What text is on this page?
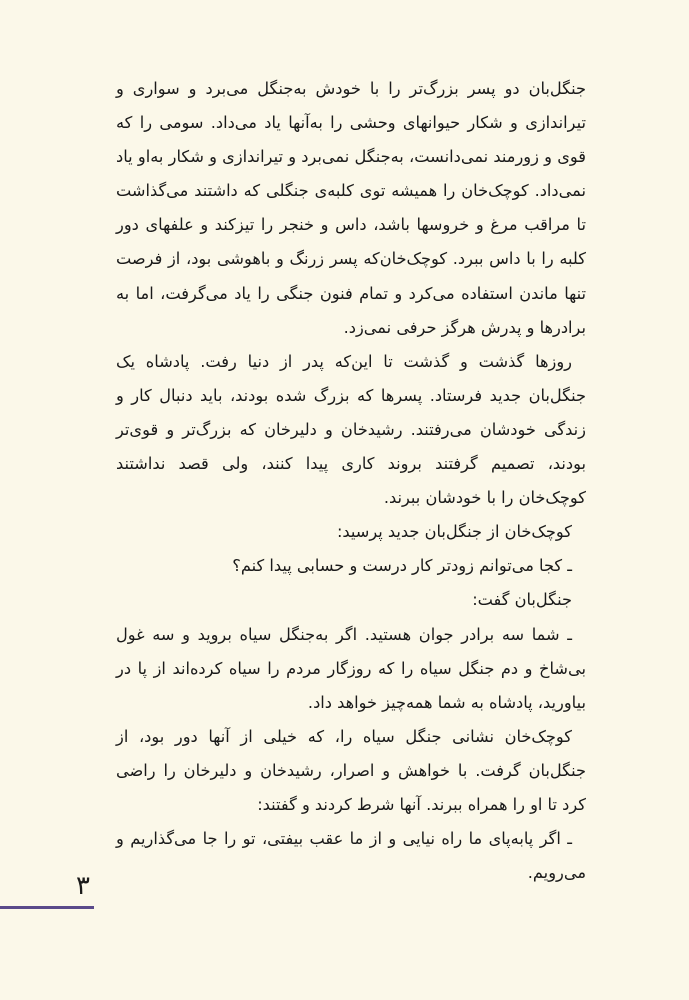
جنگل‌بان دو پسر بزرگ‌تر را با خودش به‌جنگل می‌برد و سواری و تیراندازی و شکار حیوانهای وحشی را به‌آنها یاد می‌داد. سومی را که قوی و زورمند نمی‌دانست، به‌جنگل نمی‌برد و تیراندازی و شکار به‌او یاد نمی‌داد. کوچک‌خان را همیشه توی کلبه‌ی جنگلی که داشتند می‌گذاشت تا مراقب مرغ و خروسها باشد، داس و خنجر را تیزکند و علفهای دور کلبه را با داس ببرد. کوچک‌خان‌که پسر زرنگ و باهوشی بود، از فرصت تنها ماندن استفاده می‌کرد و تمام فنون جنگی را یاد می‌گرفت، اما به برادرها و پدرش هرگز حرفی نمی‌زد.

روزها گذشت و گذشت تا این‌که پدر از دنیا رفت. پادشاه یک جنگل‌بان جدید فرستاد. پسرها که بزرگ شده بودند، باید دنبال کار و زندگی خودشان می‌رفتند. رشیدخان و دلیرخان که بزرگ‌تر و قوی‌تر بودند، تصمیم گرفتند بروند کاری پیدا کنند، ولی قصد نداشتند کوچک‌خان را با خودشان ببرند.

کوچک‌خان از جنگل‌بان جدید پرسید:

ـ کجا می‌توانم زودتر کار درست و حسابی پیدا کنم؟

جنگل‌بان گفت:

ـ شما سه برادر جوان هستید. اگر به‌جنگل سیاه بروید و سه غول بی‌شاخ و دم جنگل سیاه را که روزگار مردم را سیاه کرده‌اند از پا در بیاورید، پادشاه به شما همه‌چیز خواهد داد.

کوچک‌خان نشانی جنگل سیاه را، که خیلی از آنها دور بود، از جنگل‌بان گرفت. با خواهش و اصرار، رشیدخان و دلیرخان را راضی کرد تا او را همراه ببرند. آنها شرط کردند و گفتند:

ـ اگر پابه‌پای ما راه نیایی و از ما عقب بیفتی، تو را جا می‌گذاریم و می‌رویم.

۳
